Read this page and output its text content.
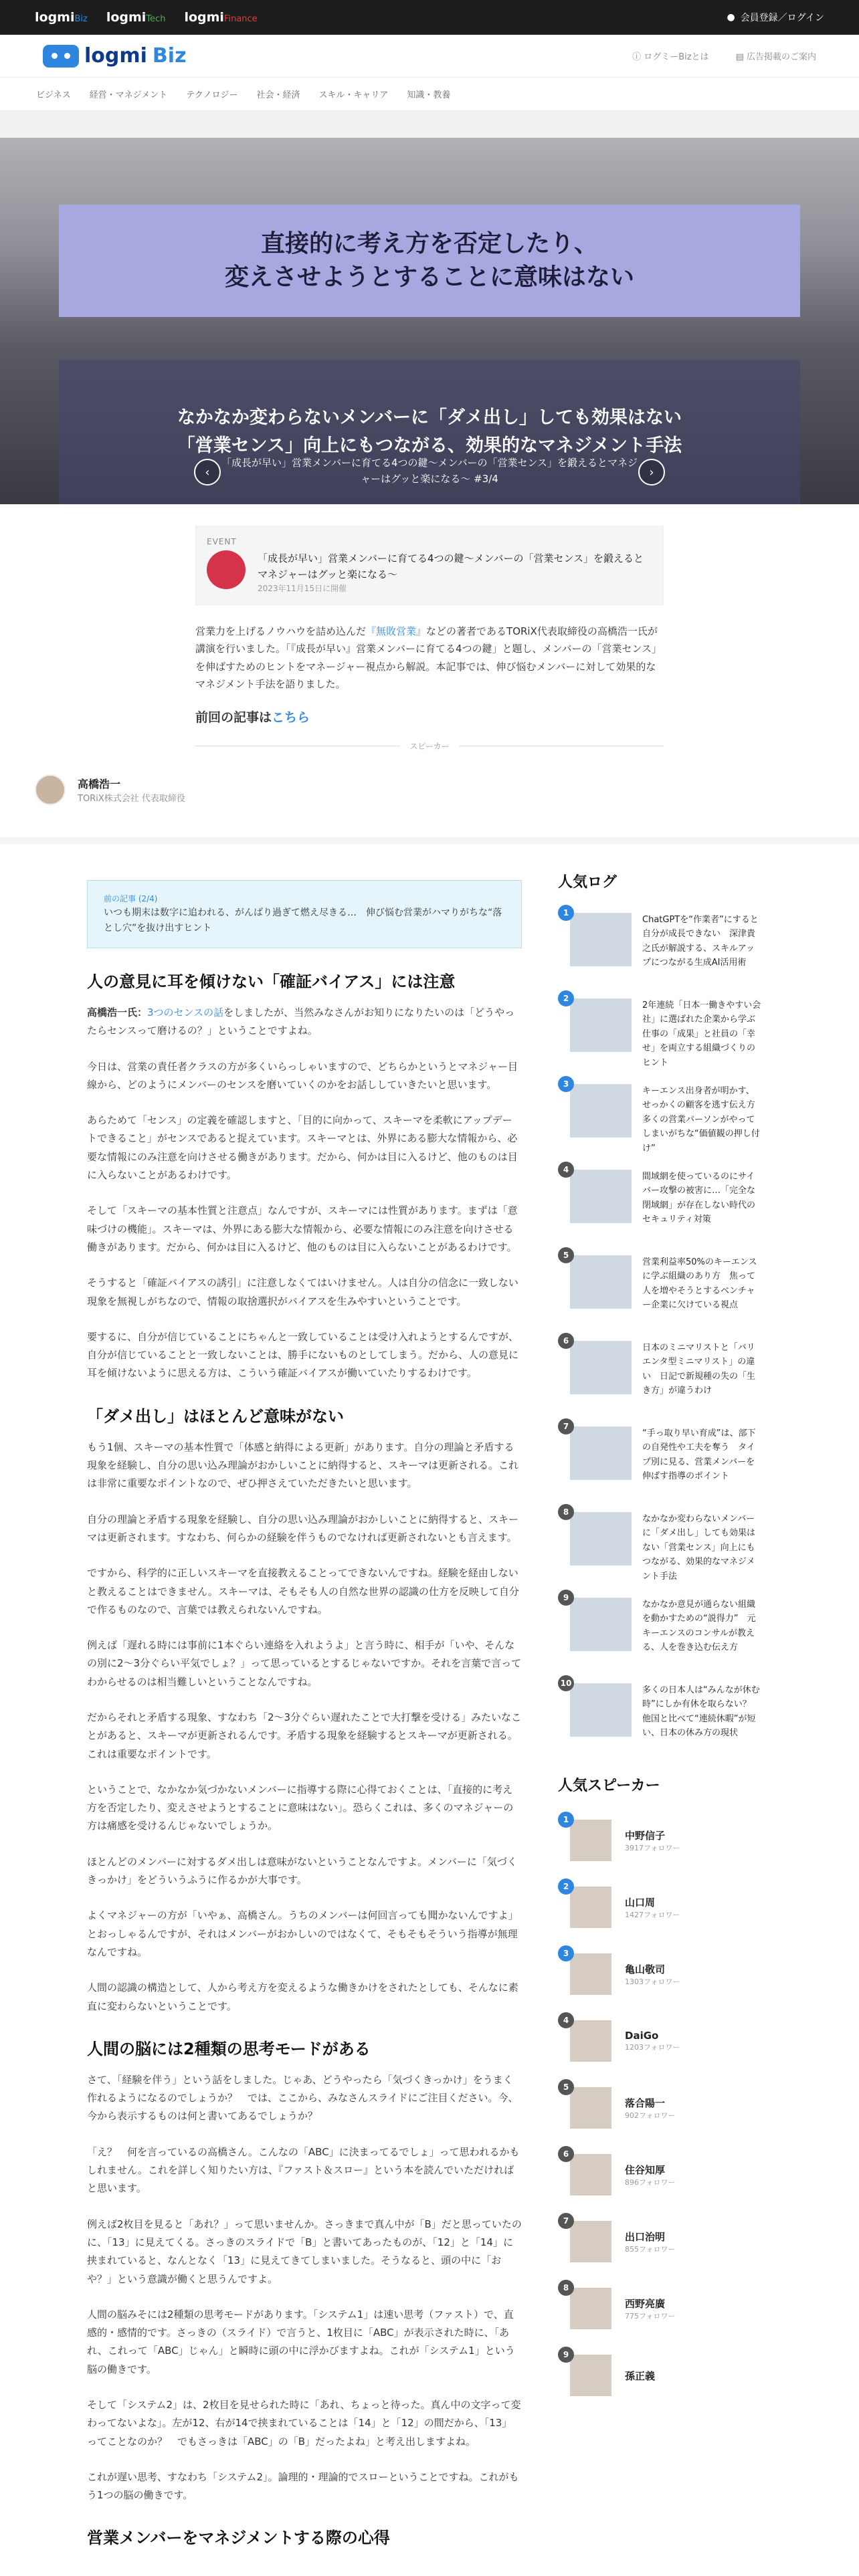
logmiBiz logmiTech logmiFinance	● 会員登録／ログイン
logmi Biz	ⓘ ログミーBizとは	▤ 広告掲載のご案内
ビジネス 経営・マネジメント テクノロジー 社会・経済 スキル・キャリア 知識・教養
直接的に考え方を否定したり、
変えさせようとすることに意味はない
なかなか変わらないメンバーに「ダメ出し」しても効果はない
「営業センス」向上にもつながる、効果的なマネジメント手法
「成長が早い」営業メンバーに育てる4つの鍵〜メンバーの「営業センス」を鍛えるとマネジャーはグッと楽になる〜 #3/4
‹	›
EVENT
「成長が早い」営業メンバーに育てる4つの鍵〜メンバーの「営業センス」を鍛えるとマネジャーはグッと楽になる〜
2023年11月15日に開催
営業力を上げるノウハウを詰め込んだ『無敗営業』などの著者であるTORiX代表取締役の高橋浩一氏が講演を行いました。「『成長が早い』営業メンバーに育てる4つの鍵」と題し、メンバーの「営業センス」を伸ばすためのヒントをマネージャー視点から解説。本記事では、伸び悩むメンバーに対して効果的なマネジメント手法を語りました。
前回の記事はこちら
スピーカー
高橋浩一
TORiX株式会社 代表取締役
前の記事 (2/4)
いつも期末は数字に追われる、がんばり過ぎて燃え尽きる…　伸び悩む営業がハマりがちな“落とし穴”を抜け出すヒント
人の意見に耳を傾けない「確証バイアス」には注意
高橋浩一氏：3つのセンスの話をしましたが、当然みなさんがお知りになりたいのは「どうやったらセンスって磨けるの？」ということですよね。
今日は、営業の責任者クラスの方が多くいらっしゃいますので、どちらかというとマネジャー目線から、どのようにメンバーのセンスを磨いていくのかをお話ししていきたいと思います。
あらためて「センス」の定義を確認しますと、「目的に向かって、スキーマを柔軟にアップデートできること」がセンスであると捉えています。スキーマとは、外界にある膨大な情報から、必要な情報にのみ注意を向けさせる働きがあります。だから、何かは目に入るけど、他のものは目に入らないことがあるわけです。
そして「スキーマの基本性質と注意点」なんですが、スキーマには性質があります。まずは「意味づけの機能」。スキーマは、外界にある膨大な情報から、必要な情報にのみ注意を向けさせる働きがあります。だから、何かは目に入るけど、他のものは目に入らないことがあるわけです。
そうすると「確証バイアスの誘引」に注意しなくてはいけません。人は自分の信念に一致しない現象を無視しがちなので、情報の取捨選択がバイアスを生みやすいということです。
要するに、自分が信じていることにちゃんと一致していることは受け入れようとするんですが、自分が信じていることと一致しないことは、勝手にないものとしてしまう。だから、人の意見に耳を傾けないように思える方は、こういう確証バイアスが働いていたりするわけです。
「ダメ出し」はほとんど意味がない
もう1個、スキーマの基本性質で「体感と納得による更新」があります。自分の理論と矛盾する現象を経験し、自分の思い込み理論がおかしいことに納得すると、スキーマは更新される。これは非常に重要なポイントなので、ぜひ押さえていただきたいと思います。
自分の理論と矛盾する現象を経験し、自分の思い込み理論がおかしいことに納得すると、スキーマは更新されます。すなわち、何らかの経験を伴うものでなければ更新されないとも言えます。
ですから、科学的に正しいスキーマを直接教えることってできないんですね。経験を経由しないと教えることはできません。スキーマは、そもそも人の自然な世界の認識の仕方を反映して自分で作るものなので、言葉では教えられないんですね。
例えば「遅れる時には事前に1本ぐらい連絡を入れようよ」と言う時に、相手が「いや、そんなの別に2〜3分ぐらい平気でしょ？」って思っているとするじゃないですか。それを言葉で言ってわからせるのは相当難しいということなんですね。
だからそれと矛盾する現象、すなわち「2〜3分ぐらい遅れたことで大打撃を受ける」みたいなことがあると、スキーマが更新されるんです。矛盾する現象を経験するとスキーマが更新される。これは重要なポイントです。
ということで、なかなか気づかないメンバーに指導する際に心得ておくことは、「直接的に考え方を否定したり、変えさせようとすることに意味はない」。恐らくこれは、多くのマネジャーの方は痛感を受けるんじゃないでしょうか。
ほとんどのメンバーに対するダメ出しは意味がないということなんですよ。メンバーに「気づくきっかけ」をどういうふうに作るかが大事です。
よくマネジャーの方が「いやぁ、高橋さん。うちのメンバーは何回言っても聞かないんですよ」とおっしゃるんですが、それはメンバーがおかしいのではなくて、そもそもそういう指導が無理なんですね。
人間の認識の構造として、人から考え方を変えるような働きかけをされたとしても、そんなに素直に変わらないということです。
人間の脳には2種類の思考モードがある
さて、「経験を伴う」という話をしました。じゃあ、どうやったら「気づくきっかけ」をうまく作れるようになるのでしょうか？　では、ここから、みなさんスライドにご注目ください。今、今から表示するものは何と書いてあるでしょうか？
「え？　何を言っているの高橋さん。こんなの「ABC」に決まってるでしょ」って思われるかもしれません。これを詳しく知りたい方は、『ファスト＆スロー』という本を読んでいただければと思います。
例えば2枚目を見ると「あれ？」って思いませんか。さっきまで真ん中が「B」だと思っていたのに、「13」に見えてくる。さっきのスライドで「B」と書いてあったものが、「12」と「14」に挟まれていると、なんとなく「13」に見えてきてしまいました。そうなると、頭の中に「おや？」という意識が働くと思うんですよ。
人間の脳みそには2種類の思考モードがあります。「システム1」は速い思考（ファスト）で、直感的・感情的です。さっきの（スライド）で言うと、1枚目に「ABC」が表示された時に、「あれ、これって「ABC」じゃん」と瞬時に頭の中に浮かびますよね。これが「システム1」という脳の働きです。
そして「システム2」は、2枚目を見せられた時に「あれ、ちょっと待った。真ん中の文字って変わってないよな」。左が12、右が14で挟まれていることは「14」と「12」の間だから、「13」ってことなのか？　でもさっきは「ABC」の「B」だったよね」と考え出しますよね。
これが遅い思考、すなわち「システム2」。論理的・理論的でスローということですね。これがもう1つの脳の働きです。
営業メンバーをマネジメントする際の心得
人気ログ
1
ChatGPTを“作業者”にすると自分が成長できない　深津貴之氏が解説する、スキルアップにつながる生成AI活用術
2
2年連続「日本一働きやすい会社」に選ばれた企業から学ぶ　仕事の「成果」と社員の「幸せ」を両立する組織づくりのヒント
3
キーエンス出身者が明かす、せっかくの顧客を逃す伝え方　多くの営業パーソンがやってしまいがちな“価値観の押し付け”
4
間域網を使っているのにサイバー攻撃の被害に…「完全な閉域網」が存在しない時代のセキュリティ対策
5
営業利益率50%のキーエンスに学ぶ組織のあり方　焦って人を増やそうとするベンチャー企業に欠けている視点
6
日本のミニマリストと「バリエンタ型ミニマリスト」の違い　日記で新規種の失の「生き方」が違うわけ
7
“手っ取り早い育成”は、部下の自発性や工夫を奪う　タイプ別に見る、営業メンバーを伸ばす指導のポイント
8
なかなか変わらないメンバーに「ダメ出し」しても効果はない「営業センス」向上にもつながる、効果的なマネジメント手法
9
なかなか意見が通らない組織を動かすための“説得力”　元キーエンスのコンサルが教える、人を巻き込む伝え方
10
多くの日本人は“みんなが休む時”にしか有休を取らない？　他国と比べて“連続休暇”が短い、日本の休み方の現状
人気スピーカー
1
中野信子
3917フォロワー
2
山口周
1427フォロワー
3
亀山敬司
1303フォロワー
4
DaiGo
1203フォロワー
5
落合陽一
902フォロワー
6
住谷知厚
896フォロワー
7
出口治明
855フォロワー
8
西野亮廣
775フォロワー
9
孫正義
